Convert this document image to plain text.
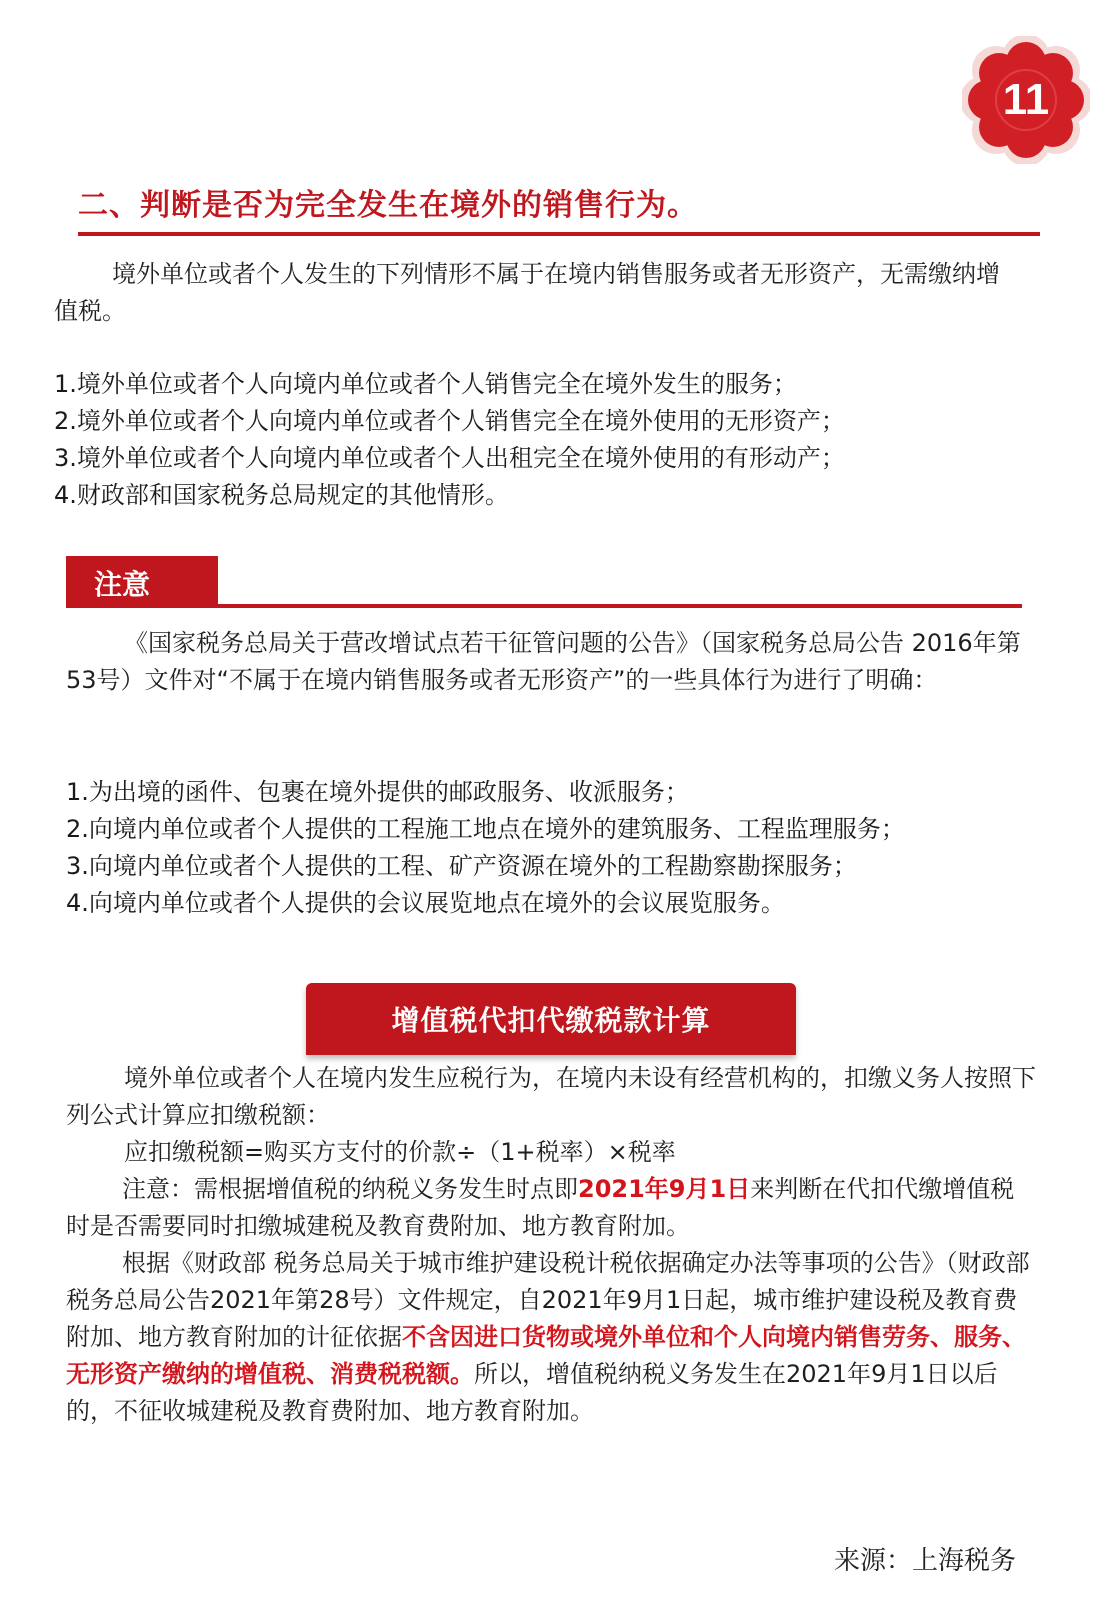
11
二、判断是否为完全发生在境外的销售行为。

境外单位或者个人发生的下列情形不属于在境内销售服务或者无形资产，无需缴纳增值税。

1.境外单位或者个人向境内单位或者个人销售完全在境外发生的服务；
2.境外单位或者个人向境内单位或者个人销售完全在境外使用的无形资产；
3.境外单位或者个人向境内单位或者个人出租完全在境外使用的有形动产；
4.财政部和国家税务总局规定的其他情形。
注意

《国家税务总局关于营改增试点若干征管问题的公告》（国家税务总局公告 2016年第53号）文件对“不属于在境内销售服务或者无形资产”的一些具体行为进行了明确：

1.为出境的函件、包裹在境外提供的邮政服务、收派服务；
2.向境内单位或者个人提供的工程施工地点在境外的建筑服务、工程监理服务；
3.向境内单位或者个人提供的工程、矿产资源在境外的工程勘察勘探服务；
4.向境内单位或者个人提供的会议展览地点在境外的会议展览服务。
增值税代扣代缴税款计算

境外单位或者个人在境内发生应税行为，在境内未设有经营机构的，扣缴义务人按照下列公式计算应扣缴税额：

应扣缴税额=购买方支付的价款÷（1+税率）×税率

注意：需根据增值税的纳税义务发生时点即2021年9月1日来判断在代扣代缴增值税时是否需要同时扣缴城建税及教育费附加、地方教育附加。

根据《财政部 税务总局关于城市维护建设税计税依据确定办法等事项的公告》（财政部 税务总局公告2021年第28号）文件规定，自2021年9月1日起，城市维护建设税及教育费附加、地方教育附加的计征依据不含因进口货物或境外单位和个人向境内销售劳务、服务、无形资产缴纳的增值税、消费税税额。所以，增值税纳税义务发生在2021年9月1日以后的，不征收城建税及教育费附加、地方教育附加。

来源：上海税务
